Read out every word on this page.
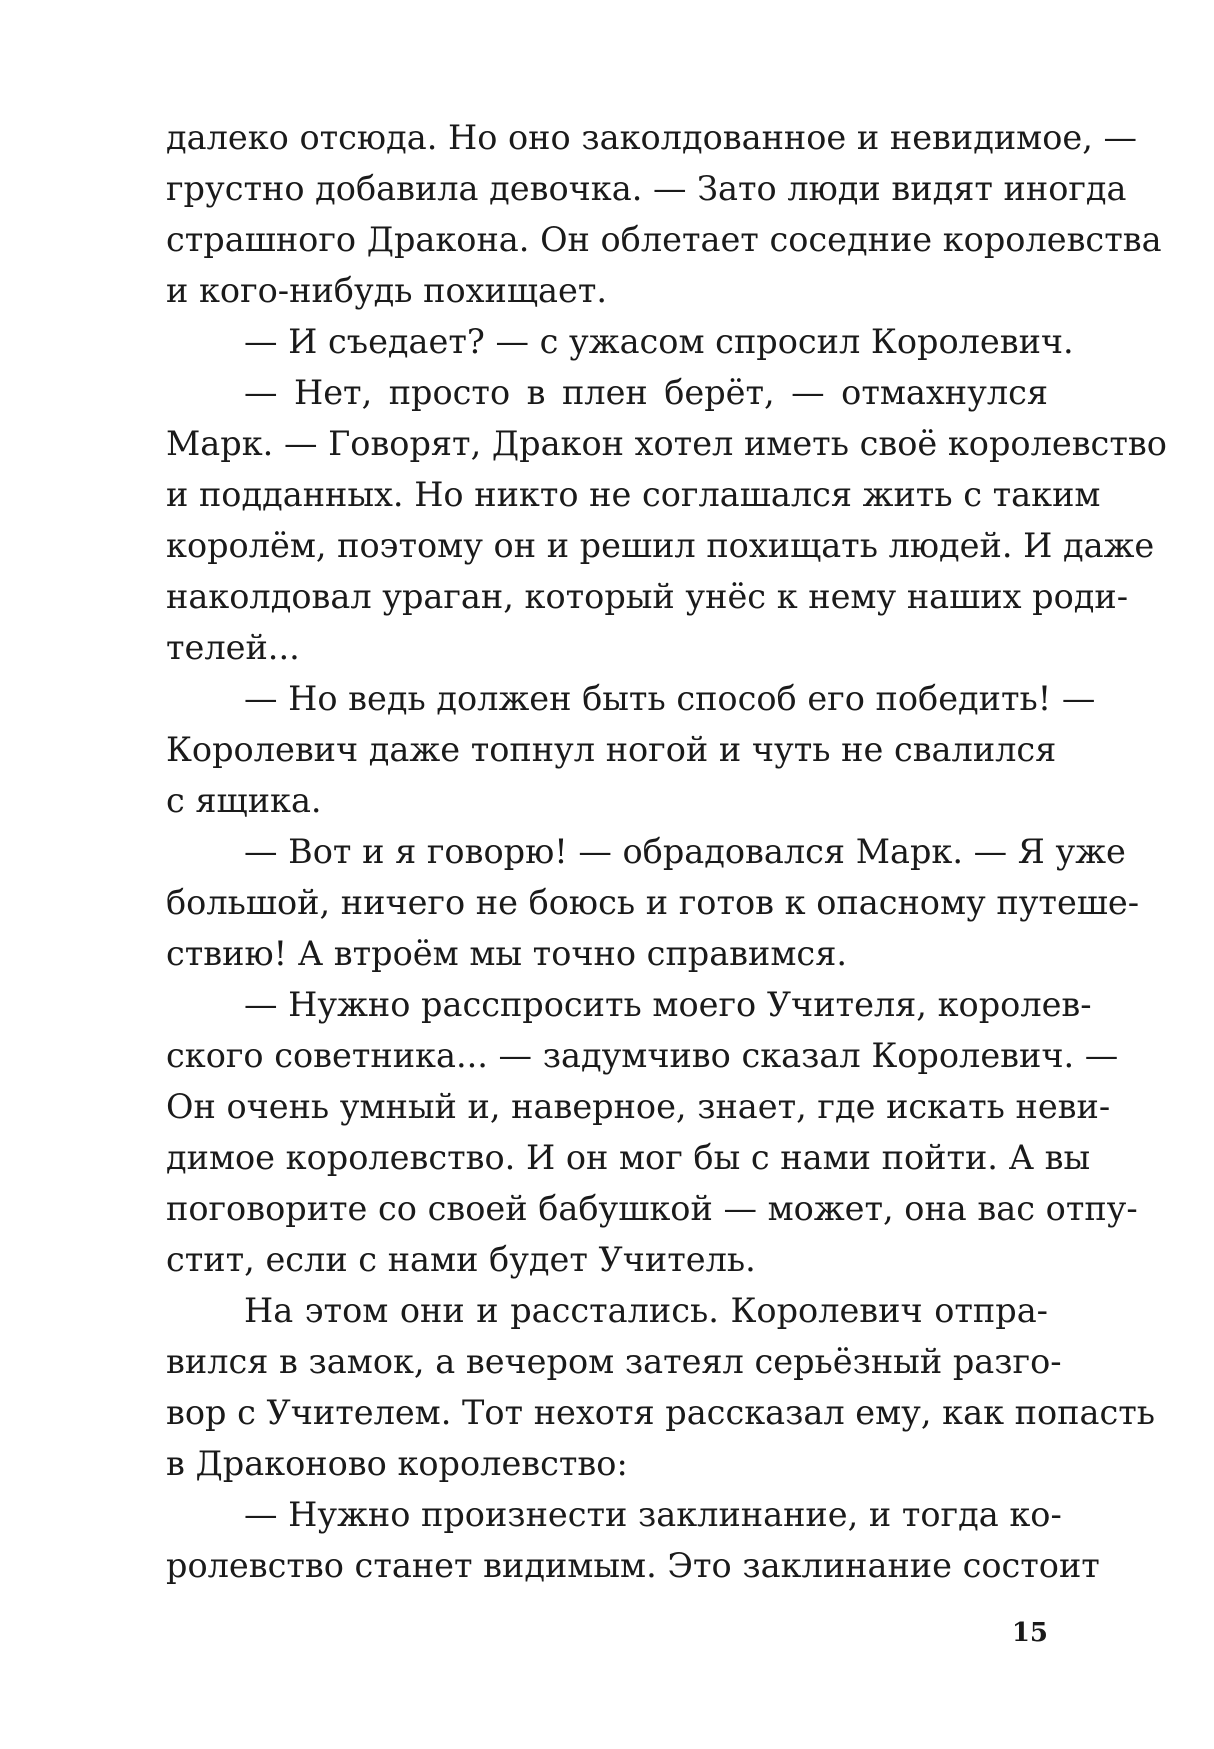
далеко отсюда. Но оно заколдованное и невидимое, —
грустно добавила девочка. — Зато люди видят иногда
страшного Дракона. Он облетает соседние королевства
и кого-нибудь похищает.
— И съедает? — с ужасом спросил Королевич.
— Нет, просто в плен берёт, — отмахнулся
Марк. — Говорят, Дракон хотел иметь своё королевство
и подданных. Но никто не соглашался жить с таким
королём, поэтому он и решил похищать людей. И даже
наколдовал ураган, который унёс к нему наших роди-
телей...
— Но ведь должен быть способ его победить! —
Королевич даже топнул ногой и чуть не свалился
с ящика.
— Вот и я говорю! — обрадовался Марк. — Я уже
большой, ничего не боюсь и готов к опасному путеше-
ствию! А втроём мы точно справимся.
— Нужно расспросить моего Учителя, королев-
ского советника... — задумчиво сказал Королевич. —
Он очень умный и, наверное, знает, где искать неви-
димое королевство. И он мог бы с нами пойти. А вы
поговорите со своей бабушкой — может, она вас отпу-
стит, если с нами будет Учитель.
На этом они и расстались. Королевич отпра-
вился в замок, а вечером затеял серьёзный разго-
вор с Учителем. Тот нехотя рассказал ему, как попасть
в Драконово королевство:
— Нужно произнести заклинание, и тогда ко-
ролевство станет видимым. Это заклинание состоит
15
